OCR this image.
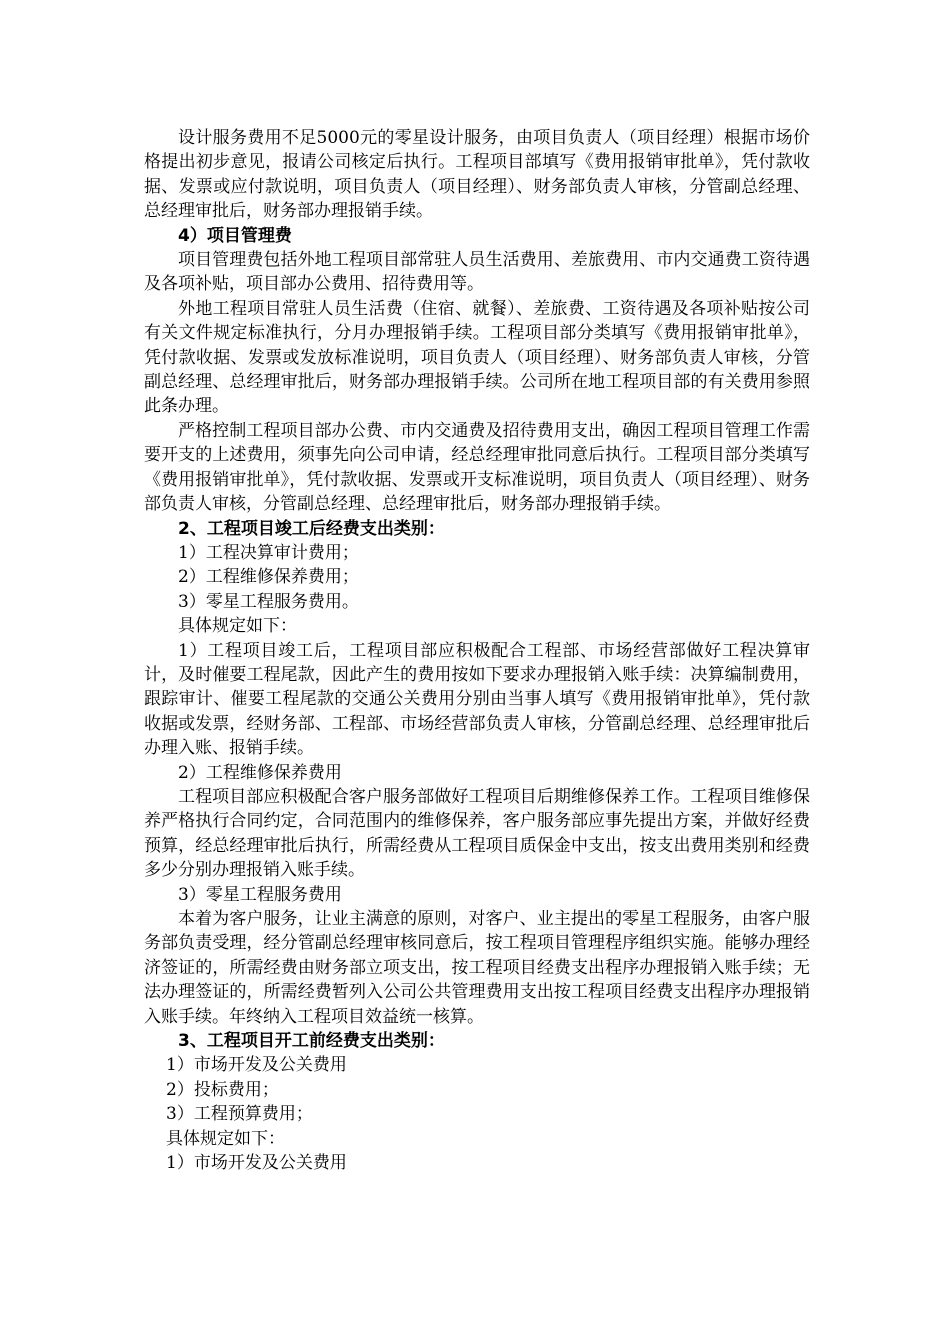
设计服务费用不足5000元的零星设计服务，由项目负责人（项目经理）根据市场价格提出初步意见，报请公司核定后执行。工程项目部填写《费用报销审批单》，凭付款收据、发票或应付款说明，项目负责人（项目经理）、财务部负责人审核，分管副总经理、总经理审批后，财务部办理报销手续。

4）项目管理费

项目管理费包括外地工程项目部常驻人员生活费用、差旅费用、市内交通费工资待遇及各项补贴，项目部办公费用、招待费用等。

外地工程项目常驻人员生活费（住宿、就餐）、差旅费、工资待遇及各项补贴按公司有关文件规定标准执行，分月办理报销手续。工程项目部分类填写《费用报销审批单》，凭付款收据、发票或发放标准说明，项目负责人（项目经理）、财务部负责人审核，分管副总经理、总经理审批后，财务部办理报销手续。公司所在地工程项目部的有关费用参照此条办理。

严格控制工程项目部办公费、市内交通费及招待费用支出，确因工程项目管理工作需要开支的上述费用，须事先向公司申请，经总经理审批同意后执行。工程项目部分类填写《费用报销审批单》，凭付款收据、发票或开支标准说明，项目负责人（项目经理）、财务部负责人审核，分管副总经理、总经理审批后，财务部办理报销手续。

2、工程项目竣工后经费支出类别：

1）工程决算审计费用；

2）工程维修保养费用；

3）零星工程服务费用。

具体规定如下：

1）工程项目竣工后，工程项目部应积极配合工程部、市场经营部做好工程决算审计，及时催要工程尾款，因此产生的费用按如下要求办理报销入账手续：决算编制费用，跟踪审计、催要工程尾款的交通公关费用分别由当事人填写《费用报销审批单》，凭付款收据或发票，经财务部、工程部、市场经营部负责人审核，分管副总经理、总经理审批后办理入账、报销手续。

2）工程维修保养费用

工程项目部应积极配合客户服务部做好工程项目后期维修保养工作。工程项目维修保养严格执行合同约定，合同范围内的维修保养，客户服务部应事先提出方案，并做好经费预算，经总经理审批后执行，所需经费从工程项目质保金中支出，按支出费用类别和经费多少分别办理报销入账手续。

3）零星工程服务费用

本着为客户服务，让业主满意的原则，对客户、业主提出的零星工程服务，由客户服务部负责受理，经分管副总经理审核同意后，按工程项目管理程序组织实施。能够办理经济签证的，所需经费由财务部立项支出，按工程项目经费支出程序办理报销入账手续；无法办理签证的，所需经费暂列入公司公共管理费用支出按工程项目经费支出程序办理报销入账手续。年终纳入工程项目效益统一核算。

3、工程项目开工前经费支出类别：

1）市场开发及公关费用

2）投标费用；

3）工程预算费用；

具体规定如下：

1）市场开发及公关费用
